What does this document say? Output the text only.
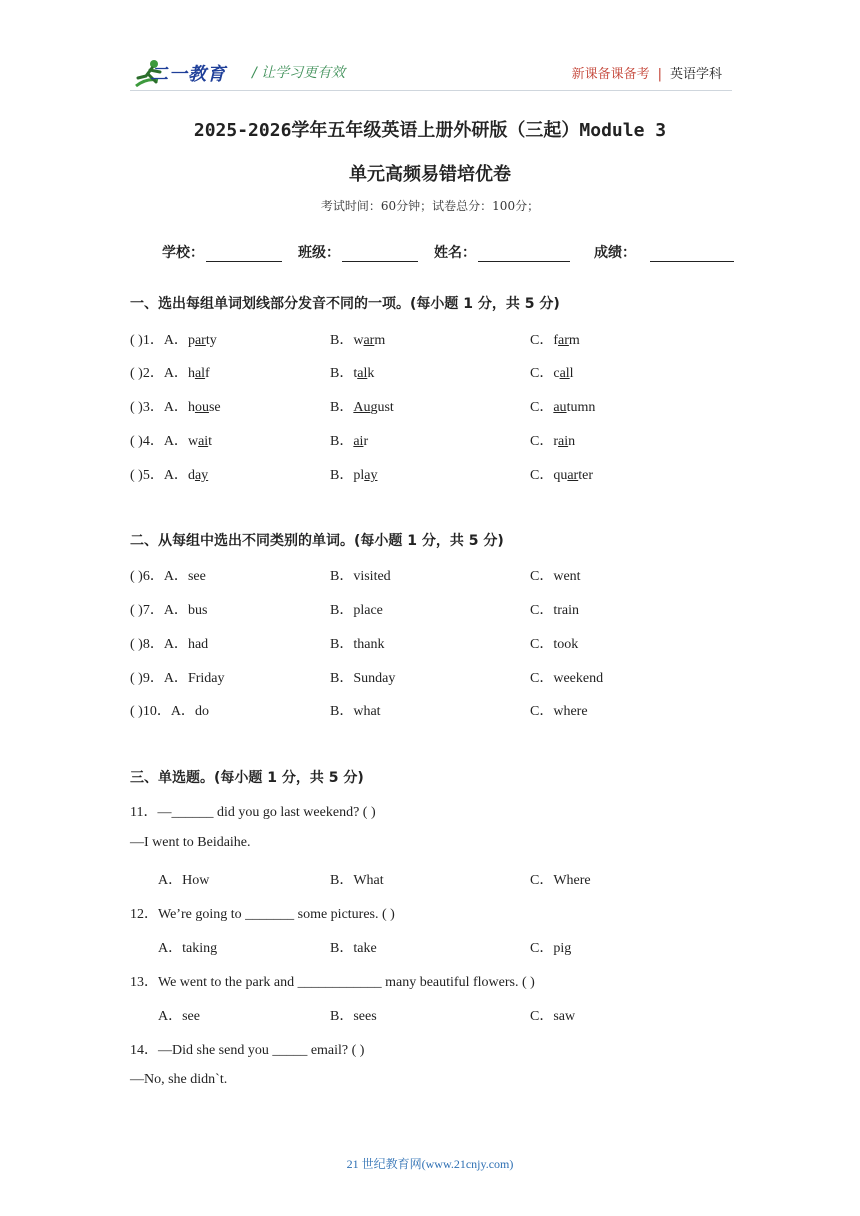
二一教育 / 让学习更有效	新课备课备考 | 英语学科
2025-2026学年五年级英语上册外研版（三起）Module 3
单元高频易错培优卷
考试时间：60分钟；试卷总分：100分；
学校：	班级：	姓名：	成绩：
一、选出每组单词划线部分发音不同的一项。(每小题 1 分，共 5 分)
( )1．A．party	B．warm	C．farm
( )2．A．half	B．talk	C．call
( )3．A．house	B．August	C．autumn
( )4．A．wait	B．air	C．rain
( )5．A．day	B．play	C．quarter
二、从每组中选出不同类别的单词。(每小题 1 分，共 5 分)
( )6．A．see	B．visited	C．went
( )7．A．bus	B．place	C．train
( )8．A．had	B．thank	C．took
( )9．A．Friday	B．Sunday	C．weekend
( )10．A．do	B．what	C．where
三、单选题。(每小题 1 分，共 5 分)
11．—______ did you go last weekend? ( )
—I went to Beidaihe.
A．How	B．What	C．Where
12．We’re going to _______ some pictures. ( )
A．taking	B．take	C．pig
13．We went to the park and ____________ many beautiful flowers. ( )
A．see	B．sees	C．saw
14．—Did she send you _____ email? ( )
—No, she didn`t.
21 世纪教育网(www.21cnjy.com)
